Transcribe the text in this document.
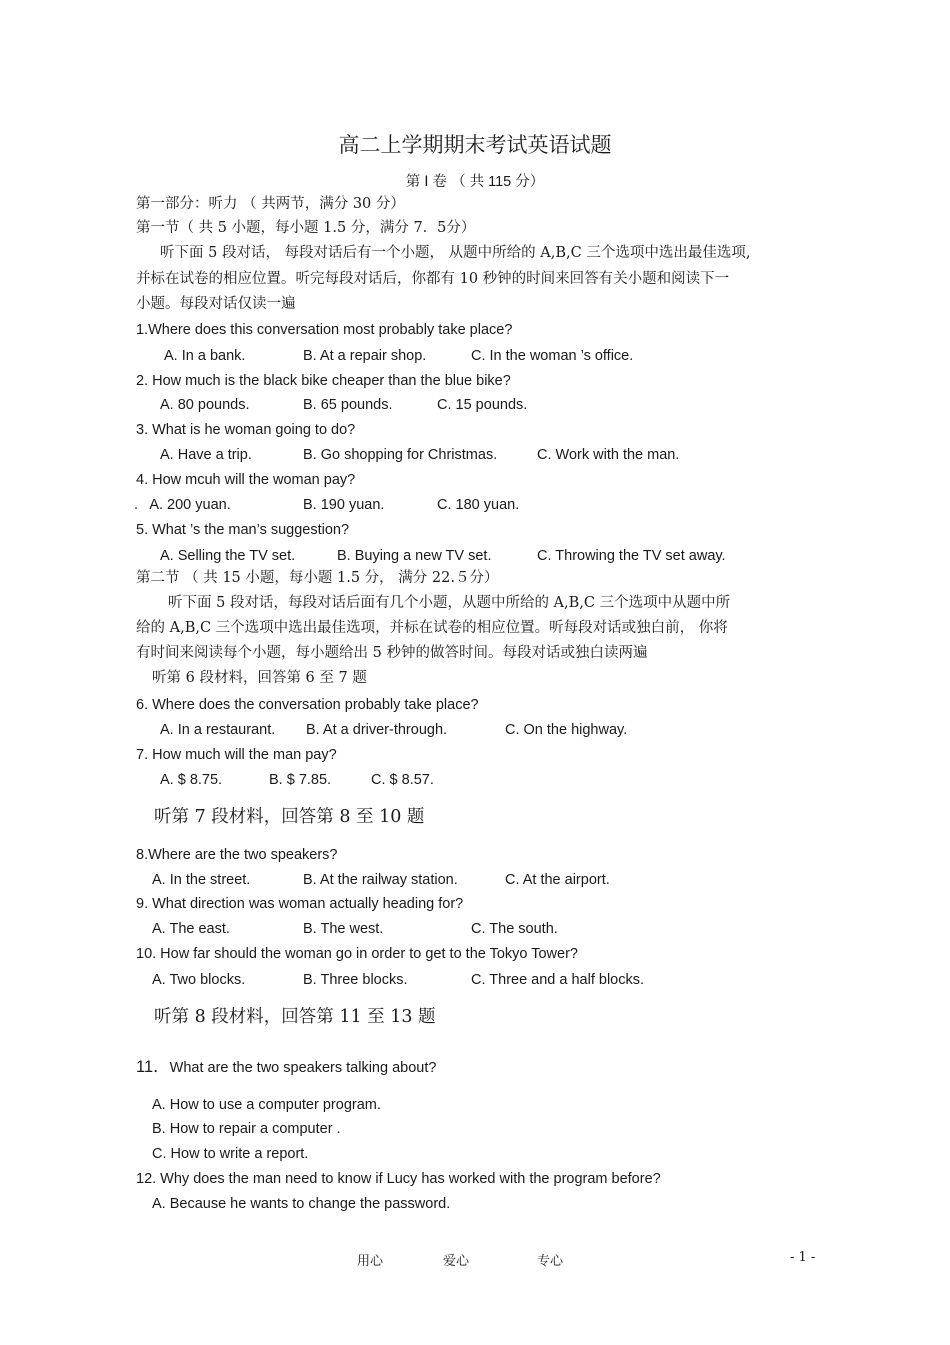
高二上学期期末考试英语试题
第 Ⅰ 卷 （ 共 115 分）
第一部分：听力 （ 共两节，满分 30 分）
第一节（ 共 5 小题，每小题 1.5 分，满分 7．5分）
听下面 5 段对话， 每段对话后有一个小题， 从题中所给的 A,B,C 三个选项中选出最佳选项,
并标在试卷的相应位置。听完每段对话后，你都有 10 秒钟的时间来回答有关小题和阅读下一
小题。每段对话仅读一遍
1.Where does this conversation most probably take place?
A. In a bank.	B. At a repair shop.	C. In the woman ’s office.
2. How much is the black bike cheaper than the blue bike?
A. 80 pounds.	B. 65 pounds.	C. 15 pounds.
3. What is he woman going to do?
A. Have a trip.	B. Go shopping for Christmas.	C. Work with the man.
4. How mcuh will the woman pay?
.   A. 200 yuan.	B. 190 yuan.	C. 180 yuan.
5. What ’s the man’s suggestion?
A. Selling the TV set.	B. Buying a new TV set.	C. Throwing the TV set away.
第二节 （ 共 15 小题，每小题 1.5 分， 满分 22.５分）
听下面 5 段对话，每段对话后面有几个小题，从题中所给的 A,B,C 三个选项中从题中所
给的 A,B,C 三个选项中选出最佳选项，并标在试卷的相应位置。听每段对话或独白前， 你将
有时间来阅读每个小题，每小题给出 5 秒钟的做答时间。每段对话或独白读两遍
听第 6 段材料，回答第 6 至 7 题
6. Where does the conversation probably take place?
A. In a restaurant. B. At a driver-through.	C. On the highway.
7. How much will the man pay?
A. $ 8.75.	B. $ 7.85.	C. $ 8.57.
听第 7 段材料，回答第 8 至 10 题
8.Where are the two speakers?
A. In the street.	B. At the railway station.	C. At the airport.
9. What direction was woman actually heading for?
A. The east.	B. The west.	C. The south.
10. How far should the woman go in order to get to the Tokyo Tower?
A. Two blocks.	B. Three blocks.	C. Three and a half blocks.
听第 8 段材料，回答第 11 至 13 题
11．What are the two speakers talking about?
A. How to use a computer program.
B. How to repair a computer .
C. How to write a report.
12. Why does the man need to know if Lucy has worked with the program before?
A. Because he wants to change the password.
用心	爱心	专心	- 1 -
